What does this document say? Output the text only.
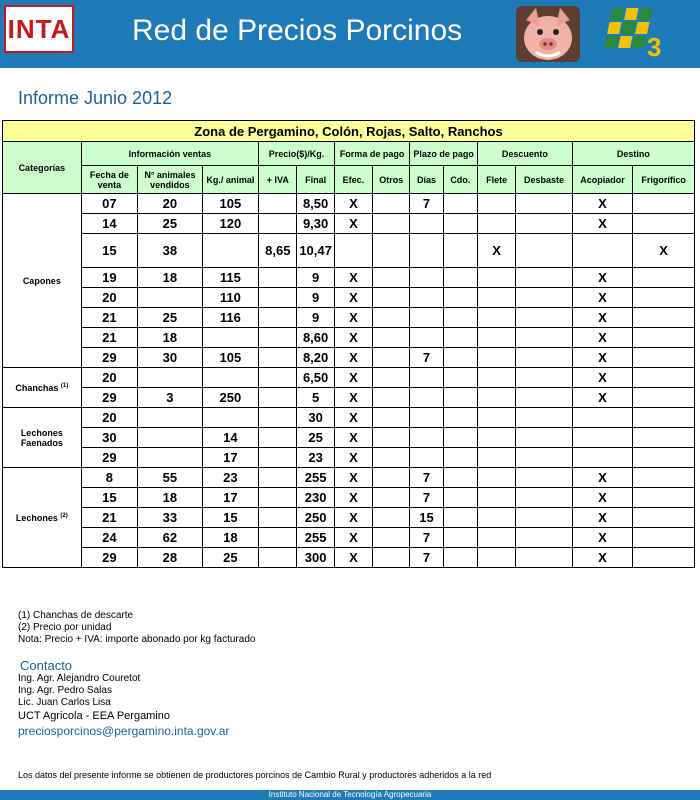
INTA Red de Precios Porcinos	3
Informe Junio 2012
Zona de Pergamino, Colón, Rojas, Salto, Ranchos													
Categorías	Información ventas			Precio($)/Kg.		Forma de pago		Plazo de pago		Descuento		Destino	
	Fecha de venta	N° animales vendidos	Kg./ animal	+ IVA	Final	Efec.	Otros	Días	Cdo.	Flete	Desbaste	Acopiador	Frigorífico
Capones	07	20	105		8,50	X		7				X	
	14	25	120		9,30	X						X	
	15	38		8,65	10,47					X			X
	19	18	115		9	X						X	
	20		110		9	X						X	
	21	25	116		9	X						X	
	21	18			8,60	X						X	
	29	30	105		8,20	X		7				X	
Chanchas $^{(1)}$	20				6,50	X						X	
	29	3	250		5	X						X	
Lechones Faenados	20				30	X							
	30		14		25	X							
	29		17		23	X							
Lechones $^{(2)}$	8	55	23		255	X		7				X	
	15	18	17		230	X		7				X	
	21	33	15		250	X		15				X	
	24	62	18		255	X		7				X	
	29	28	25		300	X		7				X	
(1) Chanchas de descarte
(2) Precio por unidad
Nota: Precio + IVA: importe abonado por kg facturado
Contacto
Ing. Agr. Alejandro Couretot
Ing. Agr. Pedro Salas
Lic. Juan Carlos Lisa
UCT Agricola - EEA Pergamino
preciosporcinos@pergamino.inta.gov.ar
Los datos del presente informe se obtienen de productores porcinos de Cambio Rural y productores adheridos a la red
Instituto Nacional de Tecnología Agropecuaria
